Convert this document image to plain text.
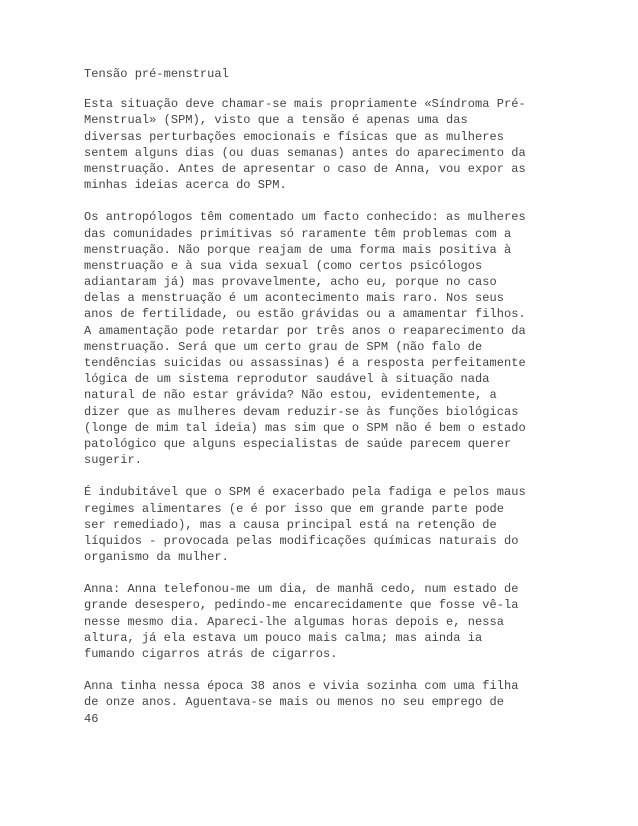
Tensão pré-menstrual
Esta situação deve chamar-se mais propriamente «Síndroma Pré-
Menstrual» (SPM), visto que a tensão é apenas uma das
diversas perturbações emocionais e físicas que as mulheres
sentem alguns dias (ou duas semanas) antes do aparecimento da
menstruação. Antes de apresentar o caso de Anna, vou expor as
minhas ideias acerca do SPM.
Os antropólogos têm comentado um facto conhecido: as mulheres
das comunidades primitivas só raramente têm problemas com a
menstruação. Não porque reajam de uma forma mais positiva à
menstruação e à sua vida sexual (como certos psicólogos
adiantaram já) mas provavelmente, acho eu, porque no caso
delas a menstruação é um acontecimento mais raro. Nos seus
anos de fertilidade, ou estão grávidas ou a amamentar filhos.
A amamentação pode retardar por três anos o reaparecimento da
menstruação. Será que um certo grau de SPM (não falo de
tendências suicidas ou assassinas) é a resposta perfeitamente
lógica de um sistema reprodutor saudável à situação nada
natural de não estar grávida? Não estou, evidentemente, a
dizer que as mulheres devam reduzir-se às funções biológicas
(longe de mim tal ideia) mas sim que o SPM não é bem o estado
patológico que alguns especialistas de saúde parecem querer
sugerir.
É indubitável que o SPM é exacerbado pela fadiga e pelos maus
regimes alimentares (e é por isso que em grande parte pode
ser remediado), mas a causa principal está na retenção de
líquidos - provocada pelas modificações químicas naturais do
organismo da mulher.
Anna: Anna telefonou-me um dia, de manhã cedo, num estado de
grande desespero, pedindo-me encarecidamente que fosse vê-la
nesse mesmo dia. Apareci-lhe algumas horas depois e, nessa
altura, já ela estava um pouco mais calma; mas ainda ia
fumando cigarros atrás de cigarros.
Anna tinha nessa época 38 anos e vivia sozinha com uma filha
de onze anos. Aguentava-se mais ou menos no seu emprego de
46
